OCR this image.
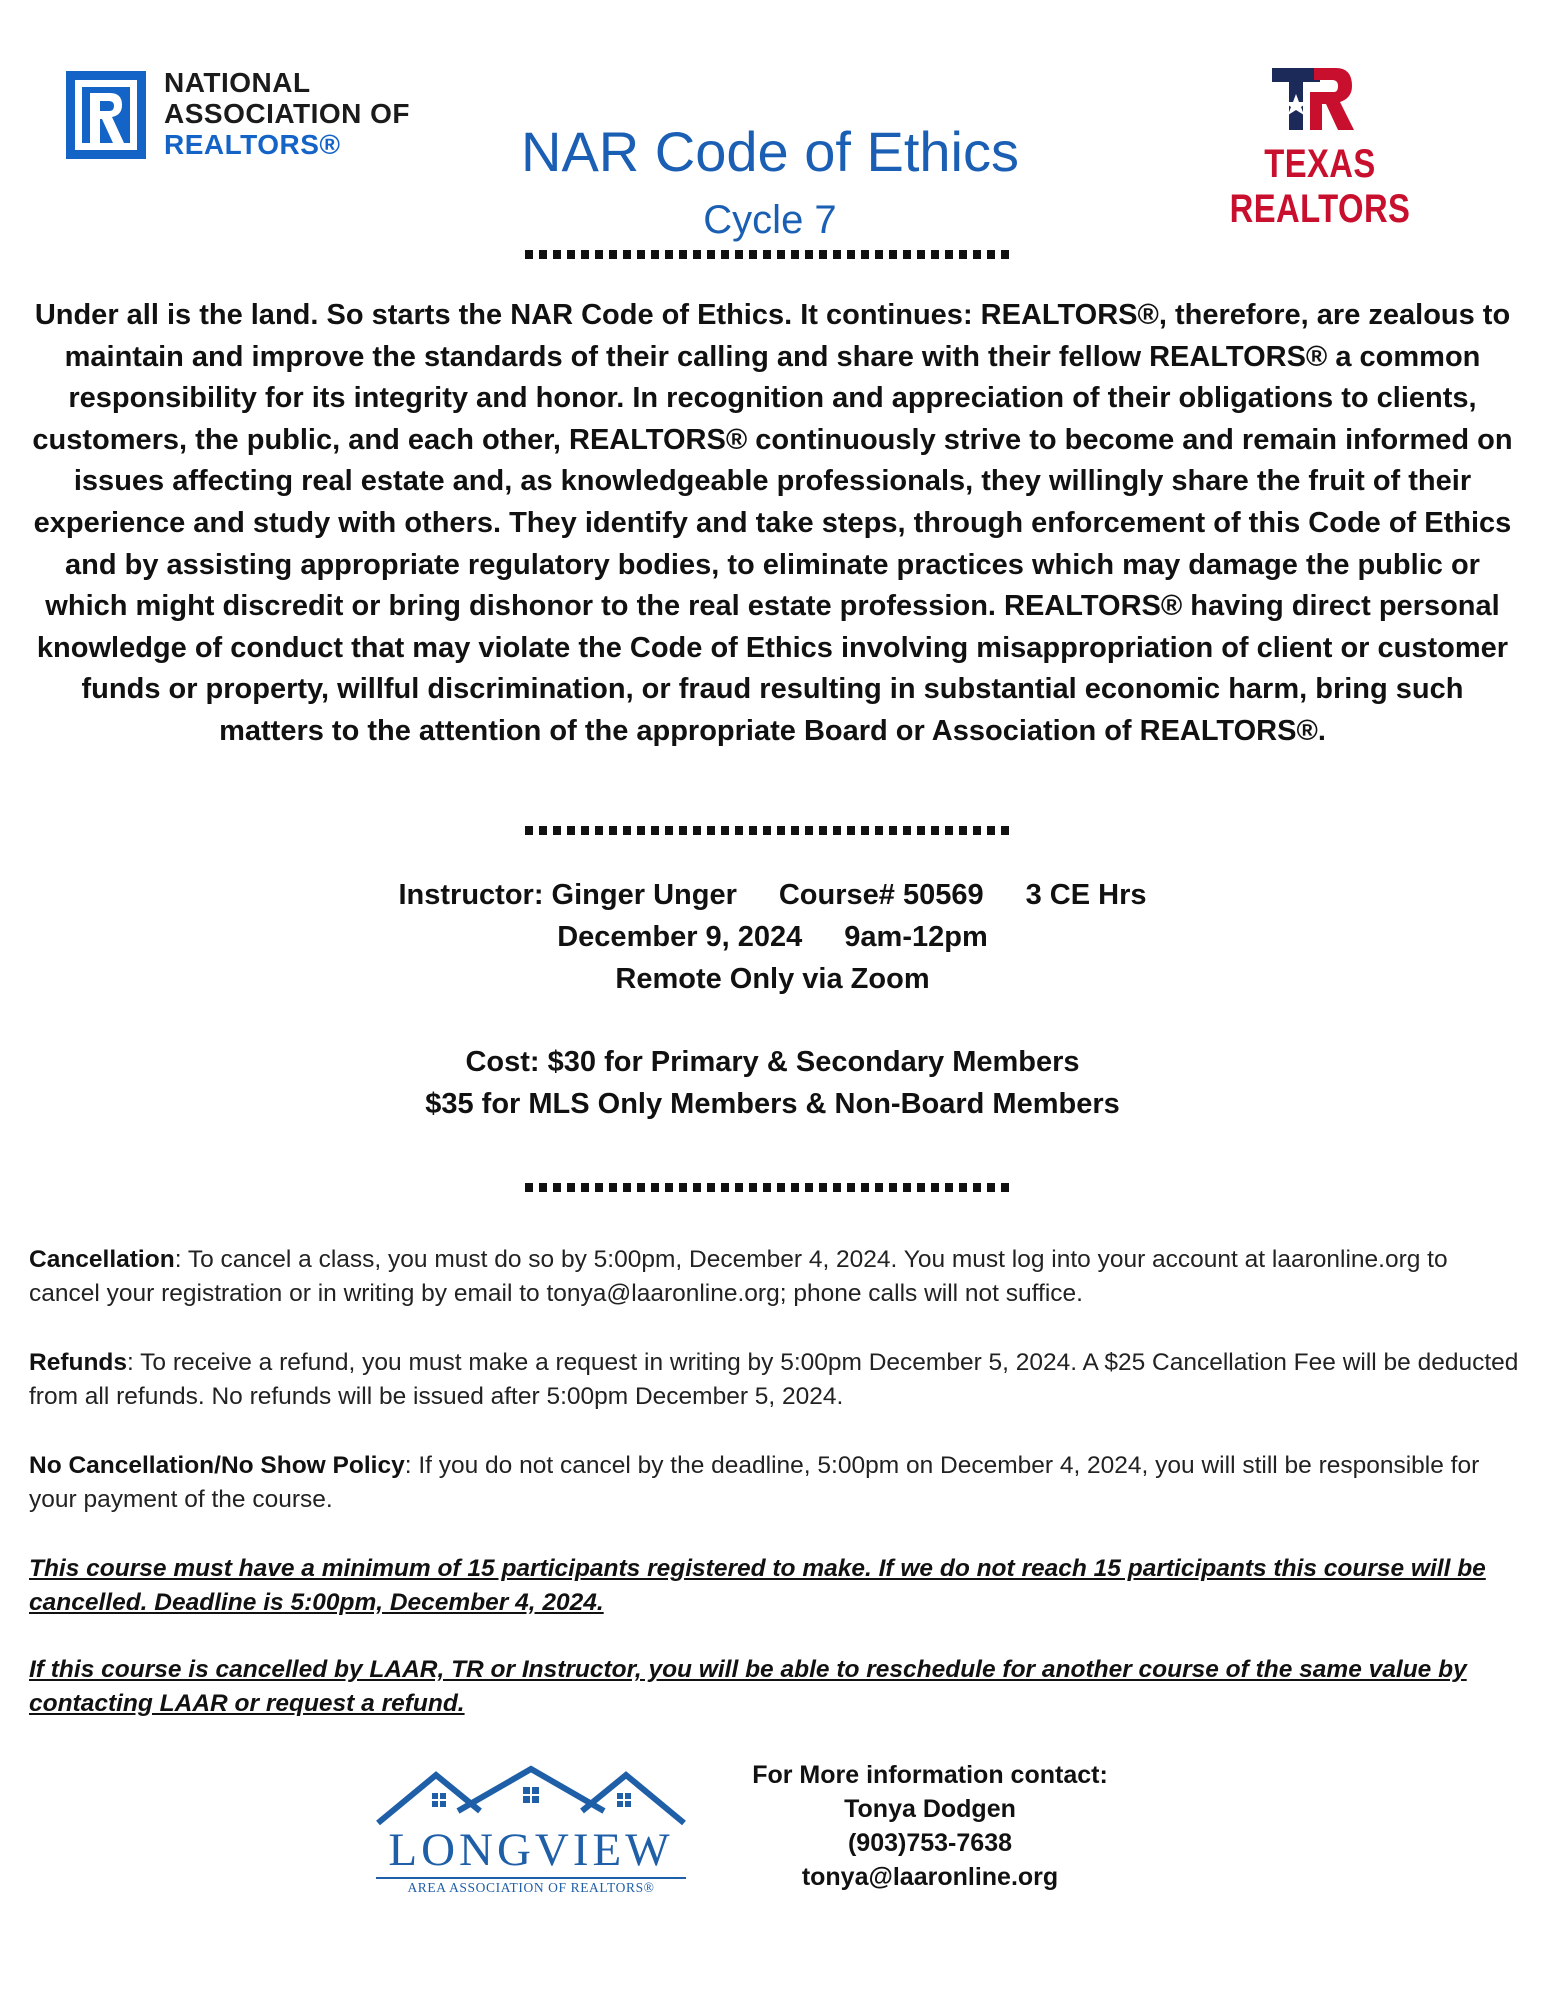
NATIONAL
ASSOCIATION OF
REALTORS®	TEXAS REALTORS
NAR Code of Ethics
Cycle 7
Under all is the land. So starts the NAR Code of Ethics. It continues: REALTORS®, therefore, are zealous to maintain and improve the standards of their calling and share with their fellow REALTORS® a common responsibility for its integrity and honor. In recognition and appreciation of their obligations to clients, customers, the public, and each other, REALTORS® continuously strive to become and remain informed on issues affecting real estate and, as knowledgeable professionals, they willingly share the fruit of their experience and study with others. They identify and take steps, through enforcement of this Code of Ethics and by assisting appropriate regulatory bodies, to eliminate practices which may damage the public or which might discredit or bring dishonor to the real estate profession. REALTORS® having direct personal knowledge of conduct that may violate the Code of Ethics involving misappropriation of client or customer funds or property, willful discrimination, or fraud resulting in substantial economic harm, bring such matters to the attention of the appropriate Board or Association of REALTORS®.
Instructor: Ginger Unger Course# 50569 3 CE Hrs
December 9, 2024 9am-12pm
Remote Only via Zoom
Cost: $30 for Primary & Secondary Members
$35 for MLS Only Members & Non-Board Members
Cancellation: To cancel a class, you must do so by 5:00pm, December 4, 2024. You must log into your account at laaronline.org to cancel your registration or in writing by email to tonya@laaronline.org; phone calls will not suffice.
Refunds: To receive a refund, you must make a request in writing by 5:00pm December 5, 2024. A $25 Cancellation Fee will be deducted from all refunds. No refunds will be issued after 5:00pm December 5, 2024.
No Cancellation/No Show Policy: If you do not cancel by the deadline, 5:00pm on December 4, 2024, you will still be responsible for your payment of the course.
This course must have a minimum of 15 participants registered to make. If we do not reach 15 participants this course will be cancelled. Deadline is 5:00pm, December 4, 2024.
If this course is cancelled by LAAR, TR or Instructor, you will be able to reschedule for another course of the same value by contacting LAAR or request a refund.
LONGVIEW
AREA ASSOCIATION OF REALTORS®
For More information contact:
Tonya Dodgen
(903)753-7638
tonya@laaronline.org
